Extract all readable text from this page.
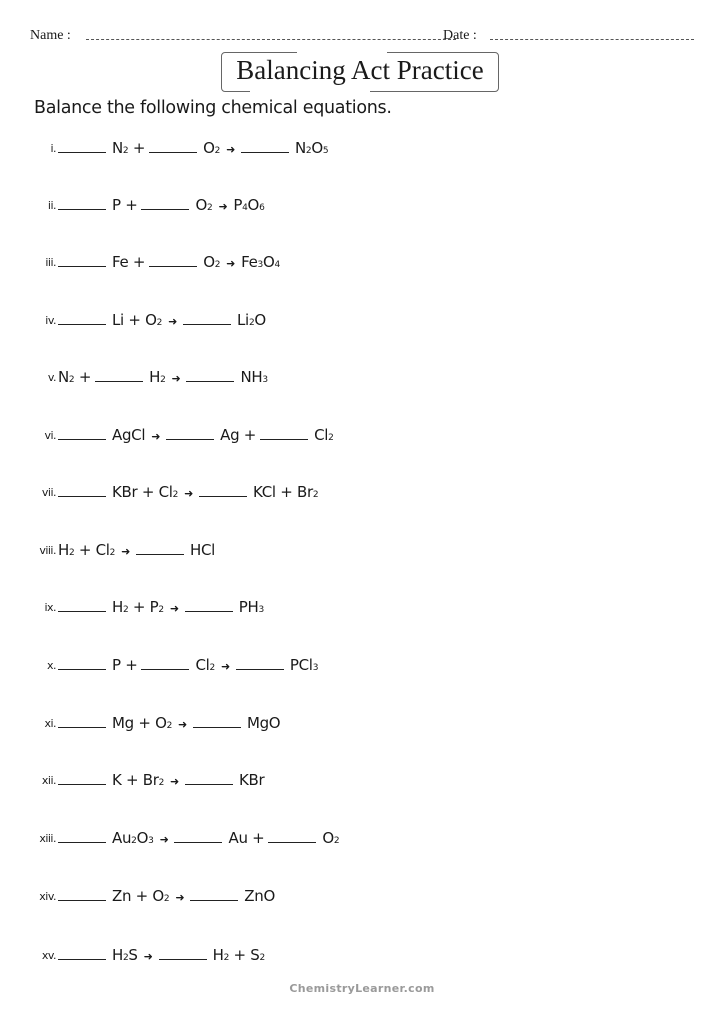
Name :	Date :
Balancing Act Practice
Balance the following chemical equations.
i.	N 2 +	O 2 ➜	N 2 O 5
ii.	P +	O 2 ➜ P 4 O 6
iii.	Fe +	O 2 ➜ Fe 3 O 4
iv.	Li + O 2 ➜	Li 2 O
v. N 2 +	H 2 ➜	NH 3
vi.	AgCl ➜	Ag +	Cl 2
vii.	KBr + Cl 2 ➜	KCl + Br 2
viii. H 2 + Cl 2 ➜	HCl
ix.	H 2 + P 2 ➜	PH 3
x.	P +	Cl 2 ➜	PCl 3
xi.	Mg + O 2 ➜	MgO
xii.	K + Br 2 ➜	KBr
xiii.	Au 2 O 3 ➜	Au +	O 2
xiv.	Zn + O 2 ➜	ZnO
xv.	H 2 S ➜	H 2 + S 2
ChemistryLearner.com
